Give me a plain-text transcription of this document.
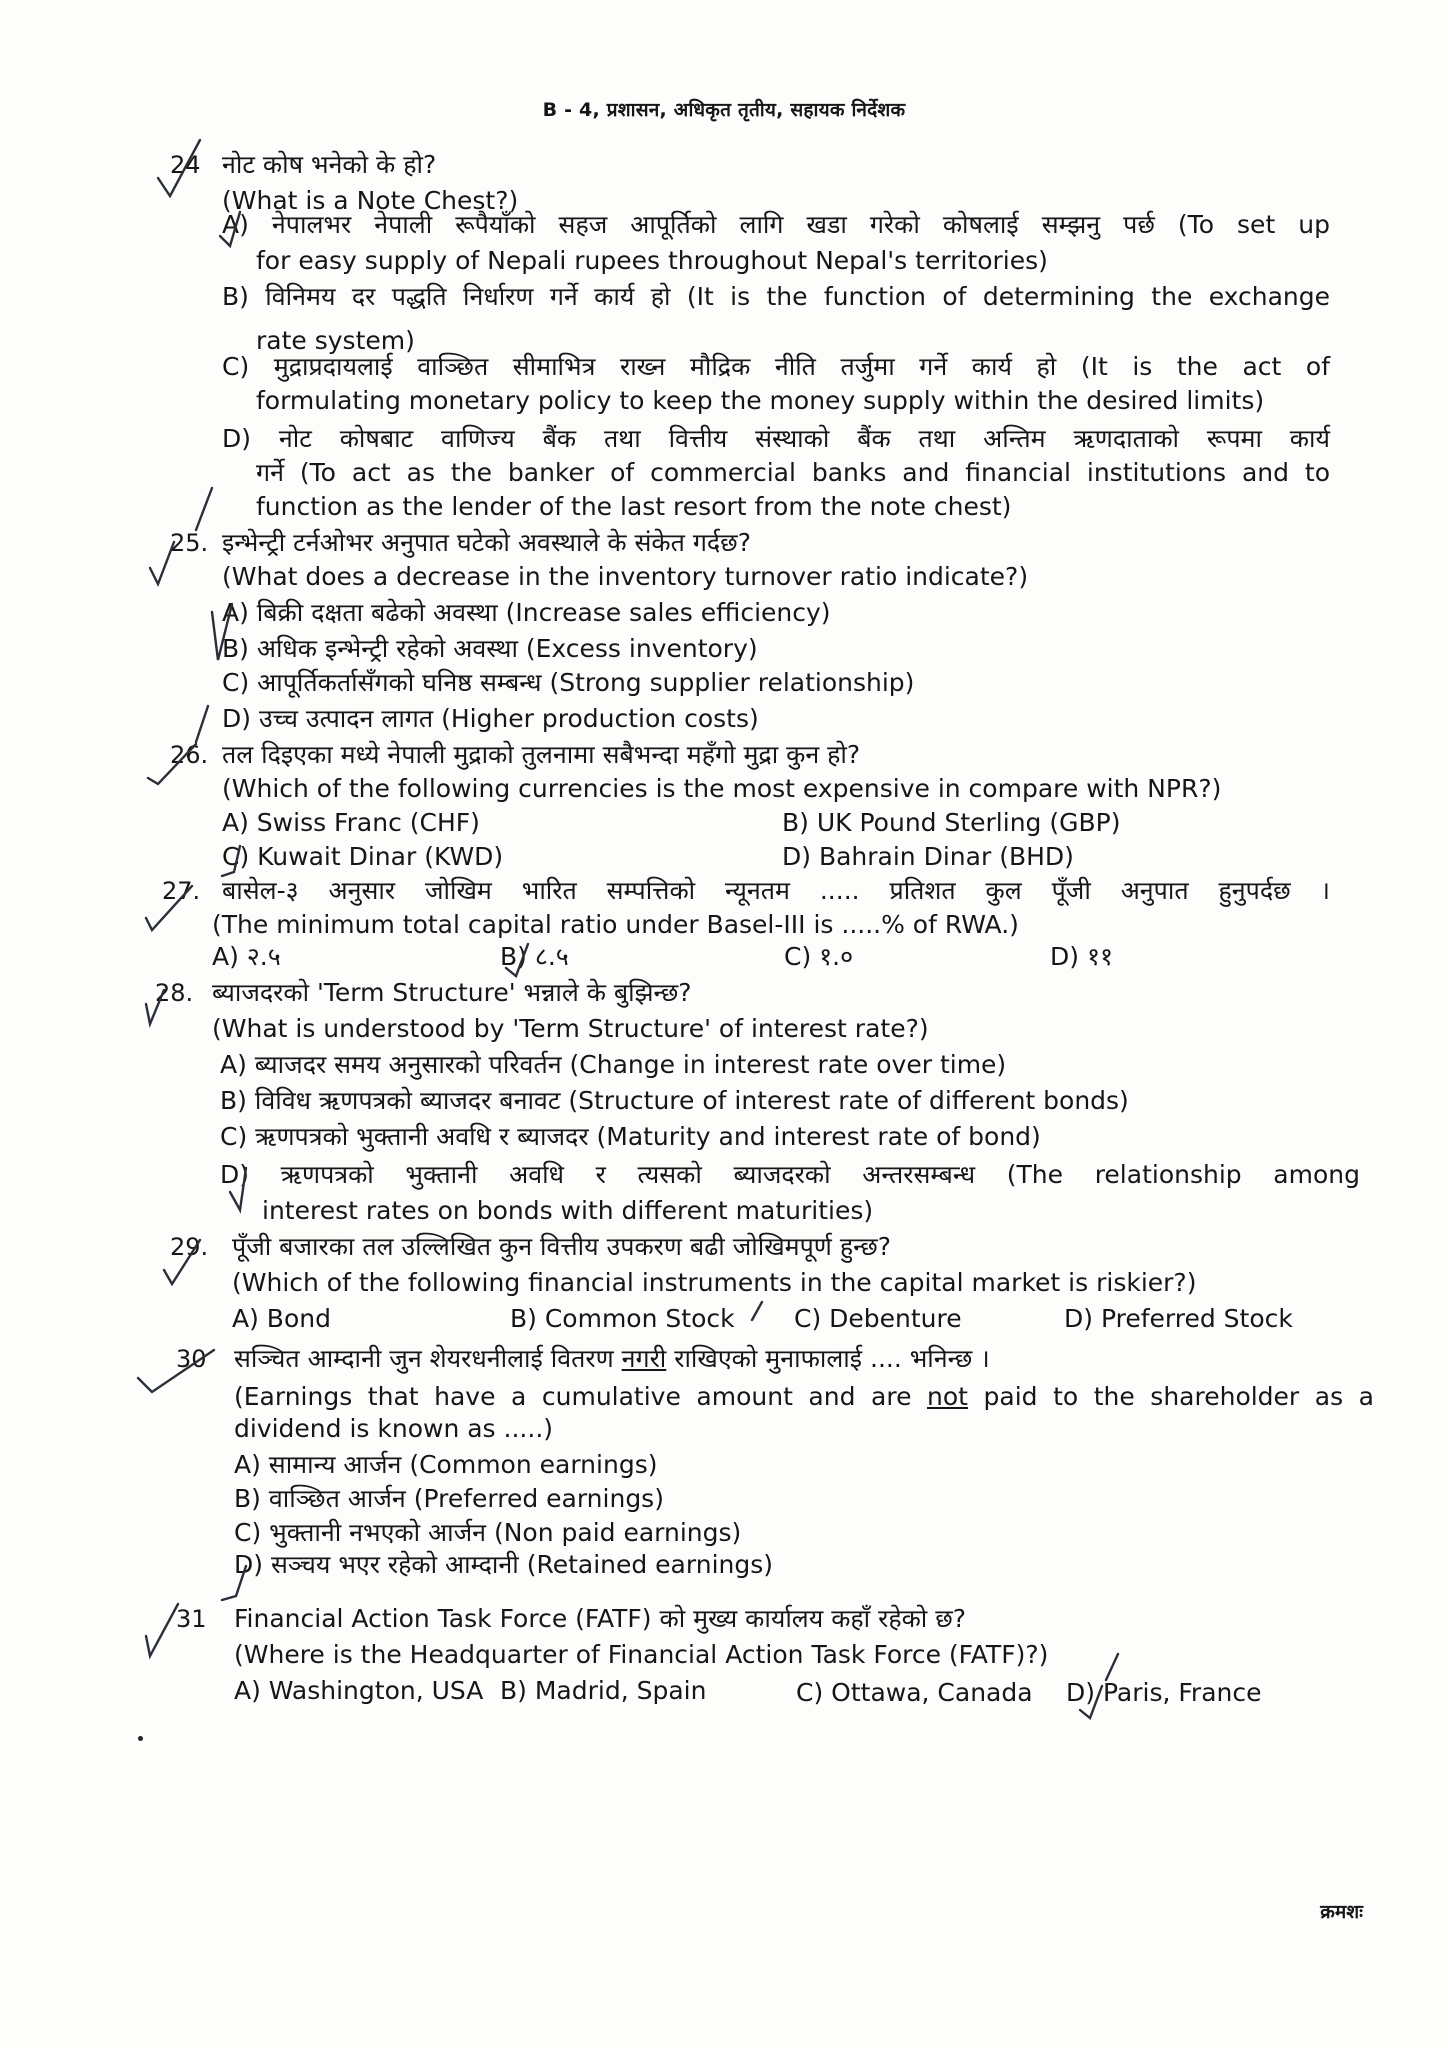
B - 4, प्रशासन, अधिकृत तृतीय, सहायक निर्देशक
24 नोट कोष भनेको के हो?
(What is a Note Chest?)
A) नेपालभर नेपाली रूपैयाँको सहज आपूर्तिको लागि खडा गरेको कोषलाई सम्झनु पर्छ (To set up
for easy supply of Nepali rupees throughout Nepal's territories)
B) विनिमय दर पद्धति निर्धारण गर्ने कार्य हो (It is the function of determining the exchange
rate system)
C) मुद्राप्रदायलाई वाञ्छित सीमाभित्र राख्न मौद्रिक नीति तर्जुमा गर्ने कार्य हो (It is the act of
formulating monetary policy to keep the money supply within the desired limits)
D) नोट कोषबाट वाणिज्य बैंक तथा वित्तीय संस्थाको बैंक तथा अन्तिम ऋणदाताको रूपमा कार्य
गर्ने (To act as the banker of commercial banks and financial institutions and to
function as the lender of the last resort from the note chest)
25. इन्भेन्ट्री टर्नओभर अनुपात घटेको अवस्थाले के संकेत गर्दछ?
(What does a decrease in the inventory turnover ratio indicate?)
A) बिक्री दक्षता बढेको अवस्था (Increase sales efficiency)
B) अधिक इन्भेन्ट्री रहेको अवस्था (Excess inventory)
C) आपूर्तिकर्तासँगको घनिष्ठ सम्बन्ध (Strong supplier relationship)
D) उच्च उत्पादन लागत (Higher production costs)
26. तल दिइएका मध्ये नेपाली मुद्राको तुलनामा सबैभन्दा महँगो मुद्रा कुन हो?
(Which of the following currencies is the most expensive in compare with NPR?)
A) Swiss Franc (CHF)	B) UK Pound Sterling (GBP)
C) Kuwait Dinar (KWD)	D) Bahrain Dinar (BHD)
27. बासेल-३ अनुसार जोखिम भारित सम्पत्तिको न्यूनतम ..... प्रतिशत कुल पूँजी अनुपात हुनुपर्दछ ।
(The minimum total capital ratio under Basel-III is .....% of RWA.)
A) २.५	B) ८.५	C) १.०	D) ११
28. ब्याजदरको 'Term Structure' भन्नाले के बुझिन्छ?
(What is understood by 'Term Structure' of interest rate?)
A) ब्याजदर समय अनुसारको परिवर्तन (Change in interest rate over time)
B) विविध ऋणपत्रको ब्याजदर बनावट (Structure of interest rate of different bonds)
C) ऋणपत्रको भुक्तानी अवधि र ब्याजदर (Maturity and interest rate of bond)
D) ऋणपत्रको भुक्तानी अवधि र त्यसको ब्याजदरको अन्तरसम्बन्ध (The relationship among
interest rates on bonds with different maturities)
29. पूँजी बजारका तल उल्लिखित कुन वित्तीय उपकरण बढी जोखिमपूर्ण हुन्छ?
(Which of the following financial instruments in the capital market is riskier?)
A) Bond	B) Common Stock C) Debenture	D) Preferred Stock
30 सञ्चित आम्दानी जुन शेयरधनीलाई वितरण नगरी राखिएको मुनाफालाई .... भनिन्छ ।
(Earnings that have a cumulative amount and are not paid to the shareholder as a
dividend is known as .....)
A) सामान्य आर्जन (Common earnings)
B) वाञ्छित आर्जन (Preferred earnings)
C) भुक्तानी नभएको आर्जन (Non paid earnings)
D) सञ्चय भएर रहेको आम्दानी (Retained earnings)
31 Financial Action Task Force (FATF) को मुख्य कार्यालय कहाँ रहेको छ?
(Where is the Headquarter of Financial Action Task Force (FATF)?)
A) Washington, USA B) Madrid, Spain	C) Ottawa, Canada D) Paris, France
क्रमशः
